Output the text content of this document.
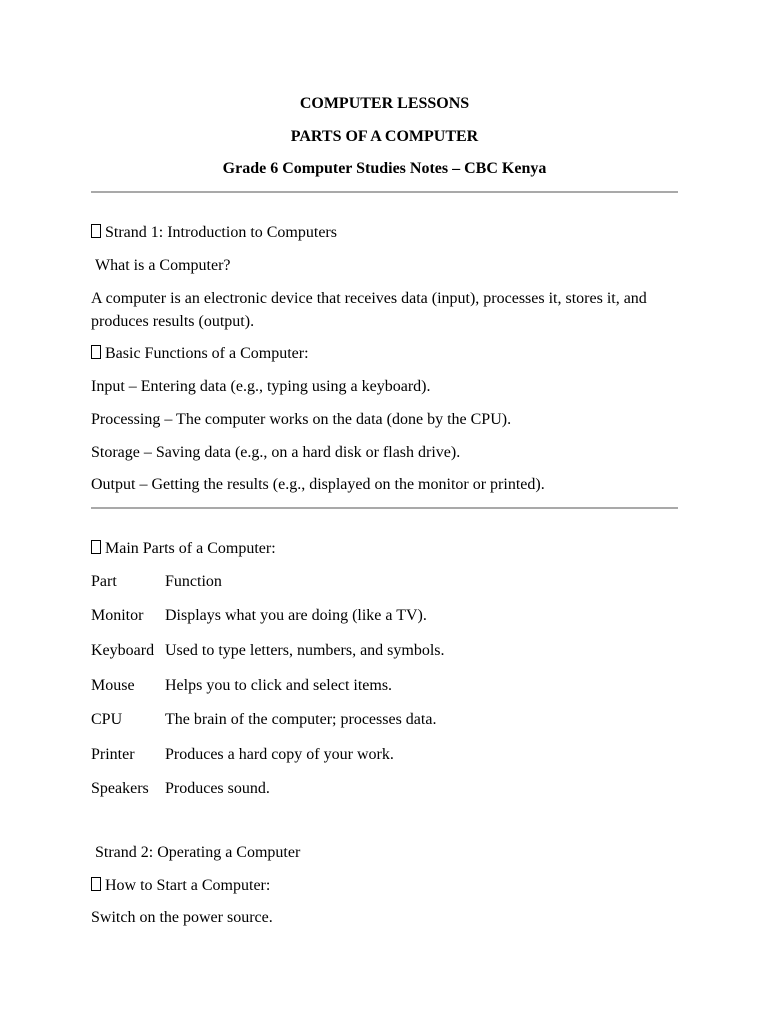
COMPUTER LESSONS
PARTS OF A COMPUTER
Grade 6 Computer Studies Notes – CBC Kenya
Strand 1: Introduction to Computers
What is a Computer?
A computer is an electronic device that receives data (input), processes it, stores it, and produces results (output).
Basic Functions of a Computer:
Input – Entering data (e.g., typing using a keyboard).
Processing – The computer works on the data (done by the CPU).
Storage – Saving data (e.g., on a hard disk or flash drive).
Output – Getting the results (e.g., displayed on the monitor or printed).
Main Parts of a Computer:
Part	Function
Monitor Displays what you are doing (like a TV).
Keyboard Used to type letters, numbers, and symbols.
Mouse Helps you to click and select items.
CPU	The brain of the computer; processes data.
Printer Produces a hard copy of your work.
Speakers Produces sound.
Strand 2: Operating a Computer
How to Start a Computer:
Switch on the power source.
